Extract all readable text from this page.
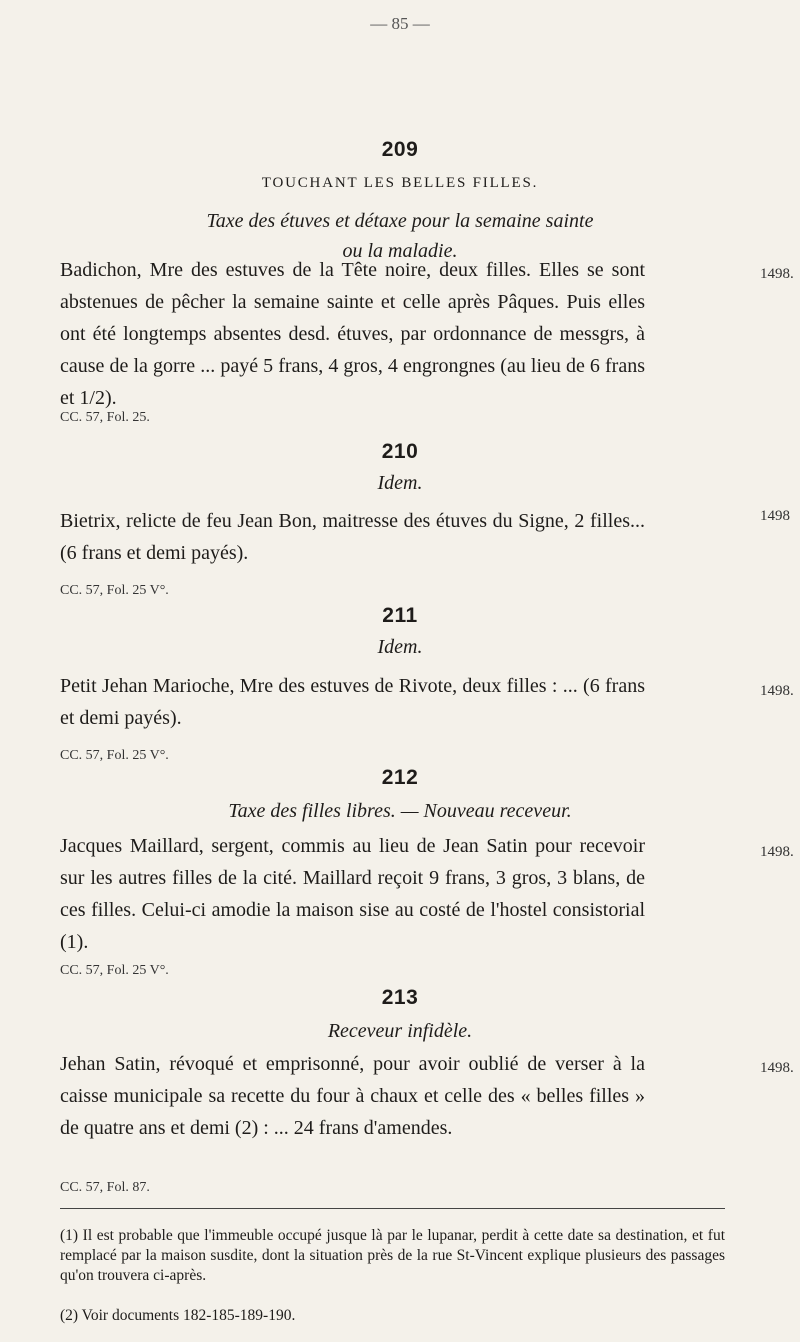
— 85 —

209

TOUCHANT LES BELLES FILLES.

Taxe des étuves et détaxe pour la semaine sainte

ou la maladie.

1498.

Badichon, Mre des estuves de la Tête noire, deux filles. Elles se sont abstenues de pêcher la semaine sainte et celle après Pâques. Puis elles ont été longtemps absentes desd. étuves, par ordonnance de messgrs, à cause de la gorre ... payé 5 frans, 4 gros, 4 engrongnes (au lieu de 6 frans et 1/2).

CC. 57, Fol. 25.

210

Idem.

1498

Bietrix, relicte de feu Jean Bon, maitresse des étuves du Signe, 2 filles... (6 frans et demi payés).

CC. 57, Fol. 25 V°.

211

Idem.

1498.

Petit Jehan Marioche, Mre des estuves de Rivote, deux filles : ... (6 frans et demi payés).

CC. 57, Fol. 25 V°.

212

Taxe des filles libres. — Nouveau receveur.

1498.

Jacques Maillard, sergent, commis au lieu de Jean Satin pour recevoir sur les autres filles de la cité. Maillard reçoit 9 frans, 3 gros, 3 blans, de ces filles. Celui-ci amodie la maison sise au costé de l'hostel consistorial (1).

CC. 57, Fol. 25 V°.

213

Receveur infidèle.

1498.

Jehan Satin, révoqué et emprisonné, pour avoir oublié de verser à la caisse municipale sa recette du four à chaux et celle des « belles filles » de quatre ans et demi (2) : ... 24 frans d'amendes.

CC. 57, Fol. 87.

(1) Il est probable que l'immeuble occupé jusque là par le lupanar, perdit à cette date sa destination, et fut remplacé par la maison susdite, dont la situation près de la rue St-Vincent explique plusieurs des passages qu'on trouvera ci-après.

(2) Voir documents 182-185-189-190.
